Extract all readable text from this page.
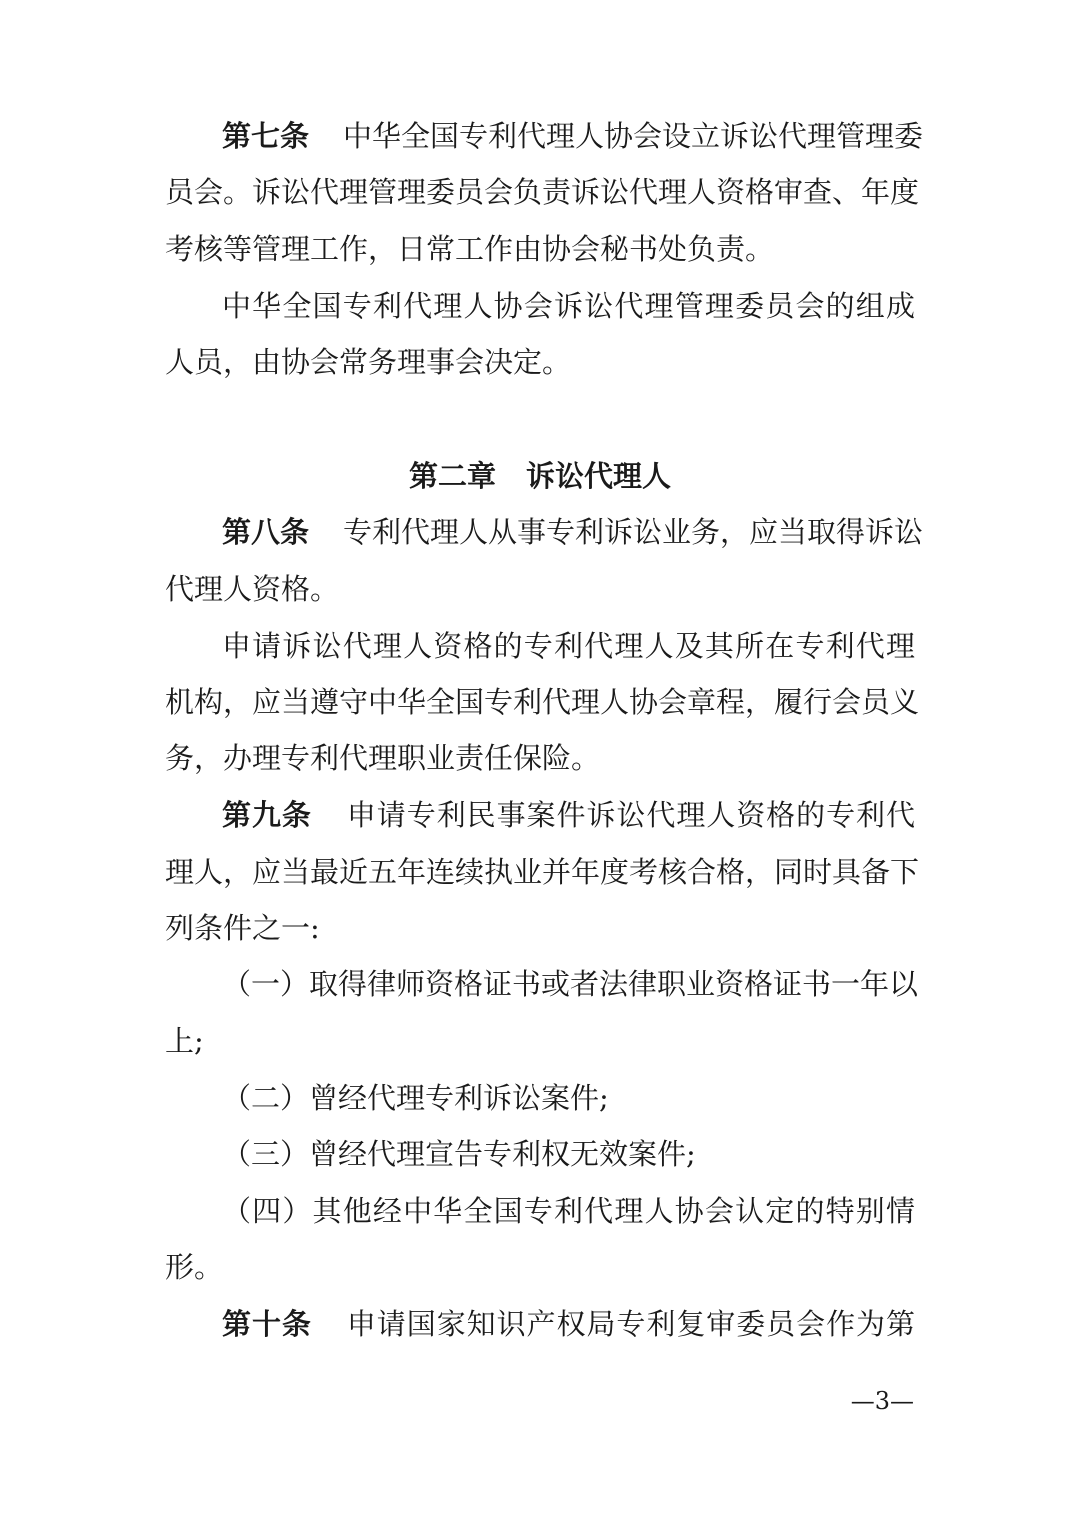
第七条 中华全国专利代理人协会设立诉讼代理管理委
员会。诉讼代理管理委员会负责诉讼代理人资格审查、年度
考核等管理工作，日常工作由协会秘书处负责。
中华全国专利代理人协会诉讼代理管理委员会的组成
人员，由协会常务理事会决定。
第二章 诉讼代理人
第八条 专利代理人从事专利诉讼业务，应当取得诉讼
代理人资格。
申请诉讼代理人资格的专利代理人及其所在专利代理
机构，应当遵守中华全国专利代理人协会章程，履行会员义
务，办理专利代理职业责任保险。
第九条 申请专利民事案件诉讼代理人资格的专利代
理人，应当最近五年连续执业并年度考核合格，同时具备下
列条件之一:
（一）取得律师资格证书或者法律职业资格证书一年以
上;
（二）曾经代理专利诉讼案件;
（三）曾经代理宣告专利权无效案件;
（四）其他经中华全国专利代理人协会认定的特别情
形。
第十条 申请国家知识产权局专利复审委员会作为第
—3—
